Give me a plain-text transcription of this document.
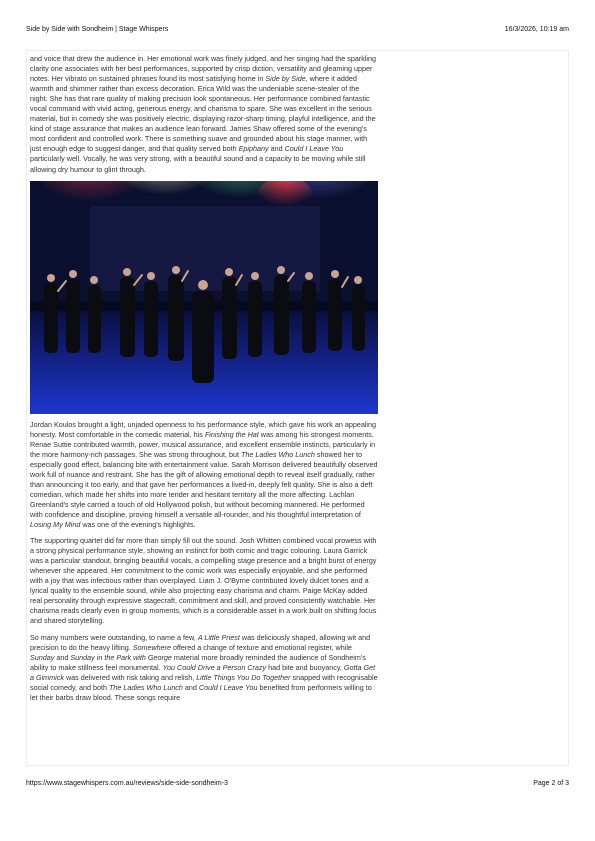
Side by Side with Sondheim | Stage Whispers	16/3/2026, 10:19 am

and voice that drew the audience in. Her emotional work was finely judged, and her singing had the sparkling clarity one associates with her best performances, supported by crisp diction, versatility and gleaming upper notes. Her vibrato on sustained phrases found its most satisfying home in Side by Side, where it added warmth and shimmer rather than excess decoration. Erica Wild was the undeniable scene-stealer of the night. She has that rare quality of making precision look spontaneous. Her performance combined fantastic vocal command with vivid acting, generous energy, and charisma to spare. She was excellent in the serious material, but in comedy she was positively electric, displaying razor-sharp timing, playful intelligence, and the kind of stage assurance that makes an audience lean forward. James Shaw offered some of the evening's most confident and controlled work. There is something suave and grounded about his stage manner, with just enough edge to suggest danger, and that quality served both Epiphany and Could I Leave You particularly well. Vocally, he was very strong, with a beautiful sound and a capacity to be moving while still allowing dry humour to glint through.

Jordan Koulos brought a light, unjaded openness to his performance style, which gave his work an appealing honesty. Most comfortable in the comedic material, his Finishing the Hat was among his strongest moments. Renae Suttie contributed warmth, power, musical assurance, and excellent ensemble instincts, particularly in the more harmony-rich passages. She was strong throughout, but The Ladies Who Lunch showed her to especially good effect, balancing bite with entertainment value. Sarah Morrison delivered beautifully observed work full of nuance and restraint. She has the gift of allowing emotional depth to reveal itself gradually, rather than announcing it too early, and that gave her performances a lived-in, deeply felt quality. She is also a deft comedian, which made her shifts into more tender and hesitant territory all the more affecting. Lachlan Greenland's style carried a touch of old Hollywood polish, but without becoming mannered. He performed with confidence and discipline, proving himself a versatile all-rounder, and his thoughtful interpretation of Losing My Mind was one of the evening's highlights.

The supporting quartet did far more than simply fill out the sound. Josh Whitten combined vocal prowess with a strong physical performance style, showing an instinct for both comic and tragic colouring. Laura Garrick was a particular standout, bringing beautiful vocals, a compelling stage presence and a bright burst of energy whenever she appeared. Her commitment to the comic work was especially enjoyable, and she performed with a joy that was infectious rather than overplayed. Liam J. O'Byrne contributed lovely dulcet tones and a lyrical quality to the ensemble sound, while also projecting easy charisma and charm. Paige McKay added real personality through expressive stagecraft, commitment and skill, and proved consistently watchable. Her charisma reads clearly even in group moments, which is a considerable asset in a work built on shifting focus and shared storytelling.

So many numbers were outstanding, to name a few, A Little Priest was deliciously shaped, allowing wit and precision to do the heavy lifting. Somewhere offered a change of texture and emotional register, while Sunday and Sunday in the Park with George material more broadly reminded the audience of Sondheim's ability to make stillness feel monumental. You Could Drive a Person Crazy had bite and buoyancy, Gotta Get a Gimmick was delivered with risk taking and relish, Little Things You Do Together snapped with recognisable social comedy, and both The Ladies Who Lunch and Could I Leave You benefited from performers willing to let their barbs draw blood. These songs require

https://www.stagewhispers.com.au/reviews/side-side-sondheim-3	Page 2 of 3
